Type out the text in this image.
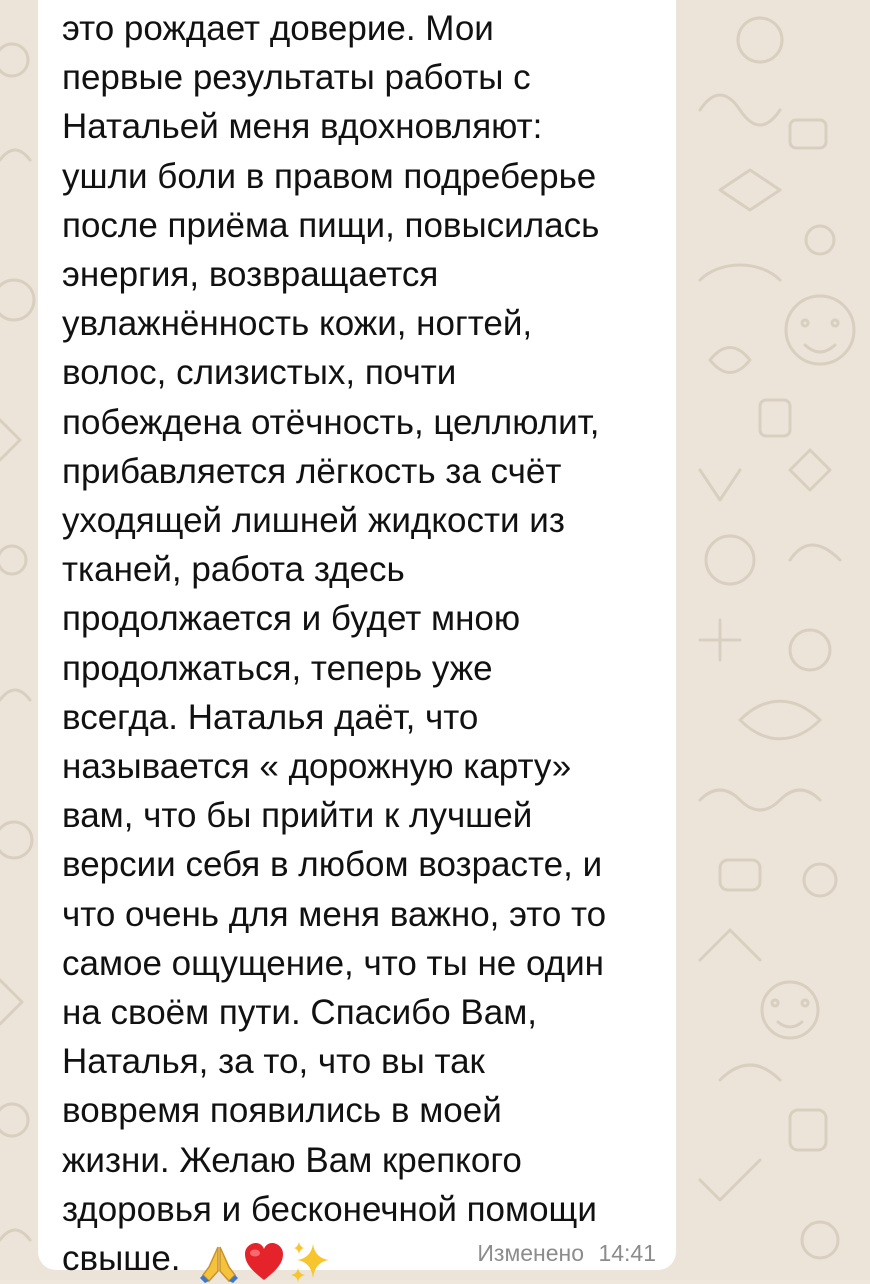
это рождает доверие. Мои
первые результаты работы с
Натальей меня вдохновляют:
ушли боли в правом подреберье
после приёма пищи, повысилась
энергия, возвращается
увлажнённость кожи, ногтей,
волос, слизистых, почти
побеждена отёчность, целлюлит,
прибавляется лёгкость за счёт
уходящей лишней жидкости из
тканей, работа здесь
продолжается и будет мною
продолжаться, теперь уже
всегда. Наталья даёт, что
называется « дорожную карту»
вам, что бы прийти к лучшей
версии себя в любом возрасте, и
что очень для меня важно, это то
самое ощущение, что ты не один
на своём пути. Спасибо Вам,
Наталья, за то, что вы так
вовремя появились в моей
жизни. Желаю Вам крепкого
здоровья и бесконечной помощи
свыше.	Изменено 14:41
